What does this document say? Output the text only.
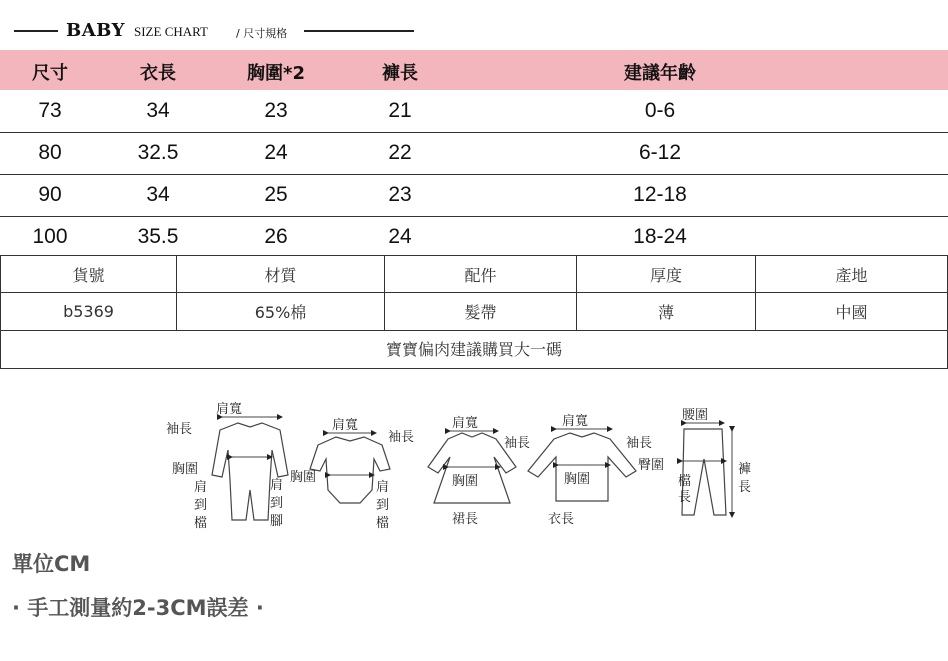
BABY SIZE CHART	/ 尺寸規格
尺寸	衣長	胸圍*2	褲長	建議年齡
73	34	23	21	0-6
80	32.5	24	22	6-12
90	34	25	23	12-18
100	35.5	26	24	18-24
貨號	材質	配件	厚度	產地
b5369	65%棉	髮帶	薄	中國
寶寶偏肉建議購買大一碼
肩寬
袖長
胸圍
肩
到
檔
肩
到
腳
肩寬
袖長
胸圍
肩
到
檔
肩寬
袖長
胸圍
裙長
肩寬
袖長
胸圍
衣長
腰圍
臀圍
檔
長
褲
長
單位CM
· 手工測量約2-3CM誤差 ·
